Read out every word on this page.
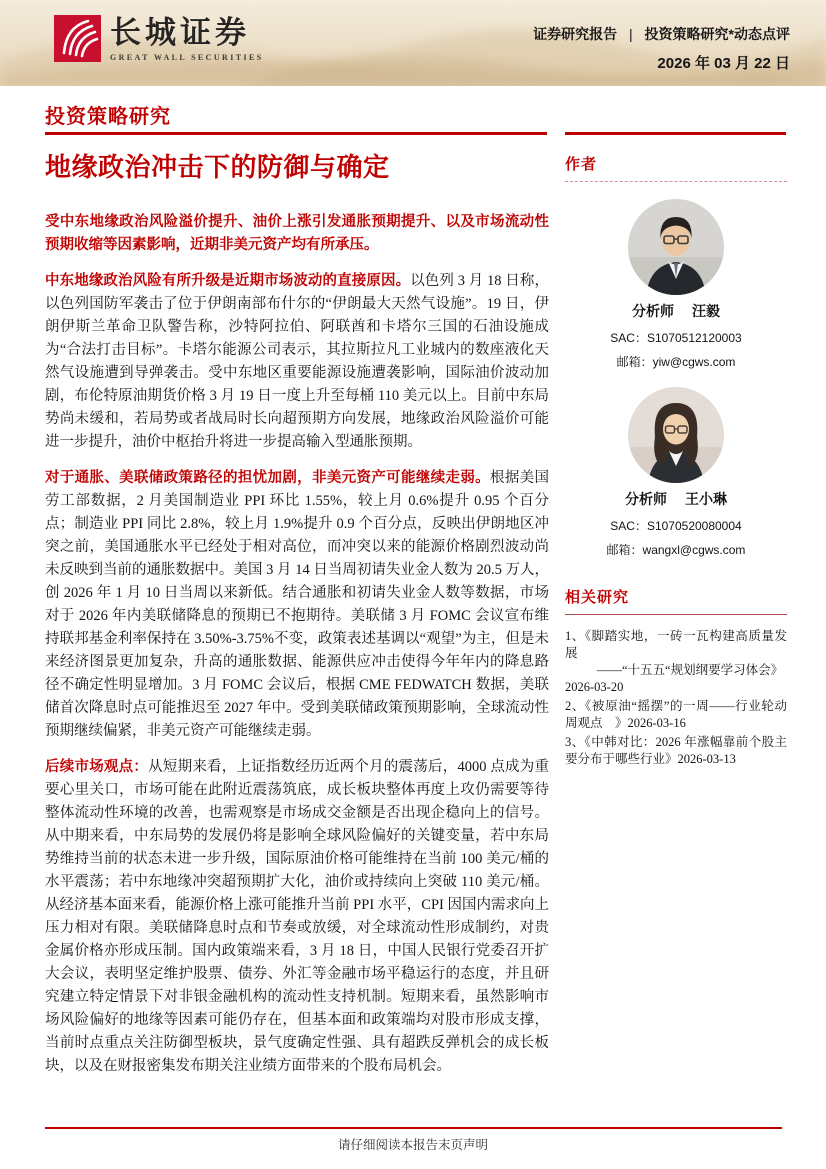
长城证券
GREAT WALL SECURITIES
证券研究报告 | 投资策略研究*动态点评
2026 年 03 月 22 日
投资策略研究
地缘政治冲击下的防御与确定

受中东地缘政治风险溢价提升、油价上涨引发通胀预期提升、以及市场流动性预期收缩等因素影响，近期非美元资产均有所承压。

中东地缘政治风险有所升级是近期市场波动的直接原因。以色列 3 月 18 日称，以色列国防军袭击了位于伊朗南部布什尔的“伊朗最大天然气设施”。19 日，伊朗伊斯兰革命卫队警告称，沙特阿拉伯、阿联酋和卡塔尔三国的石油设施成为“合法打击目标”。卡塔尔能源公司表示，其拉斯拉凡工业城内的数座液化天然气设施遭到导弹袭击。受中东地区重要能源设施遭袭影响，国际油价波动加剧，布伦特原油期货价格 3 月 19 日一度上升至每桶 110 美元以上。目前中东局势尚未缓和，若局势或者战局时长向超预期方向发展，地缘政治风险溢价可能进一步提升，油价中枢抬升将进一步提高输入型通胀预期。

对于通胀、美联储政策路径的担忧加剧，非美元资产可能继续走弱。根据美国劳工部数据，2 月美国制造业 PPI 环比 1.55%，较上月 0.6%提升 0.95 个百分点；制造业 PPI 同比 2.8%，较上月 1.9%提升 0.9 个百分点，反映出伊朗地区冲突之前，美国通胀水平已经处于相对高位，而冲突以来的能源价格剧烈波动尚未反映到当前的通胀数据中。美国 3 月 14 日当周初请失业金人数为 20.5 万人，创 2026 年 1 月 10 日当周以来新低。结合通胀和初请失业金人数等数据，市场对于 2026 年内美联储降息的预期已不抱期待。美联储 3 月 FOMC 会议宣布维持联邦基金利率保持在 3.50%-3.75%不变，政策表述基调以“观望”为主，但是未来经济图景更加复杂，升高的通胀数据、能源供应冲击使得今年年内的降息路径不确定性明显增加。3 月 FOMC 会议后，根据 CME FEDWATCH 数据，美联储首次降息时点可能推迟至 2027 年中。受到美联储政策预期影响，全球流动性预期继续偏紧，非美元资产可能继续走弱。

后续市场观点：从短期来看，上证指数经历近两个月的震荡后，4000 点成为重要心里关口，市场可能在此附近震荡筑底，成长板块整体再度上攻仍需要等待整体流动性环境的改善，也需观察是市场成交金额是否出现企稳向上的信号。从中期来看，中东局势的发展仍将是影响全球风险偏好的关键变量，若中东局势维持当前的状态未进一步升级，国际原油价格可能维持在当前 100 美元/桶的水平震荡；若中东地缘冲突超预期扩大化，油价或持续向上突破 110 美元/桶。从经济基本面来看，能源价格上涨可能推升当前 PPI 水平，CPI 因国内需求向上压力相对有限。美联储降息时点和节奏或放缓，对全球流动性形成制约，对贵金属价格亦形成压制。国内政策端来看，3 月 18 日，中国人民银行党委召开扩大会议，表明坚定维护股票、债券、外汇等金融市场平稳运行的态度，并且研究建立特定情景下对非银金融机构的流动性支持机制。短期来看，虽然影响市场风险偏好的地缘等因素可能仍存在，但基本面和政策端均对股市形成支撑，当前时点重点关注防御型板块，景气度确定性强、具有超跌反弹机会的成长板块，以及在财报密集发布期关注业绩方面带来的个股布局机会。

作者
分析师 汪毅
SAC：S1070512120003
邮箱：yiw@cgws.com
分析师 王小琳
SAC：S1070520080004
邮箱：wangxl@cgws.com
相关研究
1、《脚踏实地，一砖一瓦构建高质量发展
——“十五五“规划纲要学习体会》
2026-03-20
2、《被原油“摇摆”的一周——行业轮动周观点　》2026-03-16
3、《中韩对比：2026 年涨幅靠前个股主要分布于哪些行业》2026-03-13
请仔细阅读本报告末页声明
